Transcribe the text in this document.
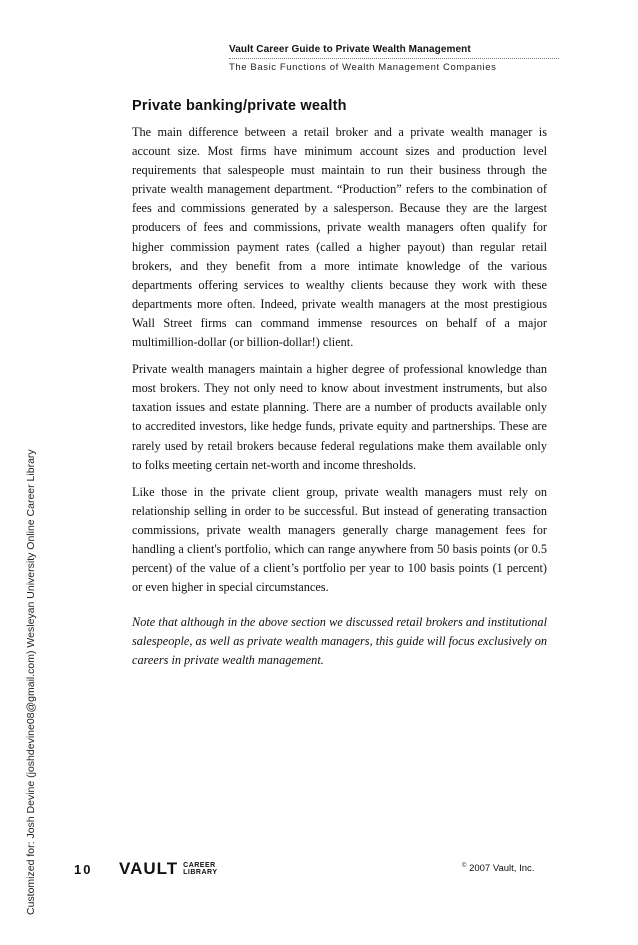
Vault Career Guide to Private Wealth Management
The Basic Functions of Wealth Management Companies
Customized for: Josh Devine (joshdevine08@gmail.com) Wesleyan University Online Career Library
Private banking/private wealth

The main difference between a retail broker and a private wealth manager is account size. Most firms have minimum account sizes and production level requirements that salespeople must maintain to run their business through the private wealth management department. “Production” refers to the combination of fees and commissions generated by a salesperson. Because they are the largest producers of fees and commissions, private wealth managers often qualify for higher commission payment rates (called a higher payout) than regular retail brokers, and they benefit from a more intimate knowledge of the various departments offering services to wealthy clients because they work with these departments more often. Indeed, private wealth managers at the most prestigious Wall Street firms can command immense resources on behalf of a major multimillion-dollar (or billion-dollar!) client.

Private wealth managers maintain a higher degree of professional knowledge than most brokers. They not only need to know about investment instruments, but also taxation issues and estate planning. There are a number of products available only to accredited investors, like hedge funds, private equity and partnerships. These are rarely used by retail brokers because federal regulations make them available only to folks meeting certain net-worth and income thresholds.

Like those in the private client group, private wealth managers must rely on relationship selling in order to be successful. But instead of generating transaction commissions, private wealth managers generally charge management fees for handling a client's portfolio, which can range anywhere from 50 basis points (or 0.5 percent) of the value of a client’s portfolio per year to 100 basis points (1 percent) or even higher in special circumstances.

Note that although in the above section we discussed retail brokers and institutional salespeople, as well as private wealth managers, this guide will focus exclusively on careers in private wealth management.

10 VAULT CAREER
LIBRARY
© 2007 Vault, Inc.
